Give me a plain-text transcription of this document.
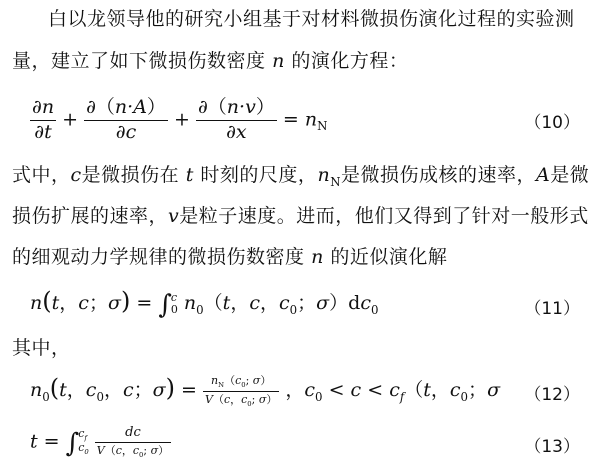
白以龙领导他的研究小组基于对材料微损伤演化过程的实验测
量，建立了如下微损伤数密度 n 的演化方程：
$\frac{\partial n}{\partial t} + \frac{\partial(n\cdot A)}{\partial c} + \frac{\partial(n\cdot v)}{\partial x} = n_N$	（10）
式中，c是微损伤在 t 时刻的尺度，$n_N$是微损伤成核的速率，A是微
损伤扩展的速率，v是粒子速度。进而，他们又得到了针对一般形式
的细观动力学规律的微损伤数密度 n 的近似演化解
n(t，c；σ) = ∫ c
0 $n_0(t$，c，$c_0$；$\sigma)dc_0$	（11）
其中，
$n_0(t$，$c_0$，c；$\sigma) = \frac{n_N(c_0; \sigma)}{V(c,c_0; \sigma)}$ ，$c_0 < c < c_f(t$，$c_0$；σ （12）
t = ∫ $c_f$
$c_0$
$\frac{dc}{V(c,c_0; \sigma)}$	（13）
